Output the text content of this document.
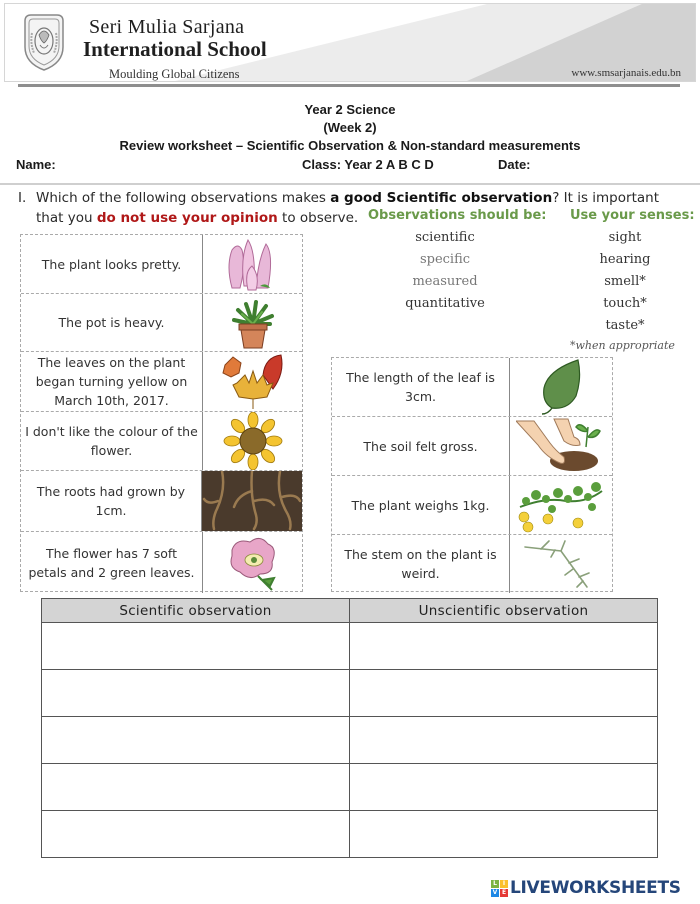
Seri Mulia Sarjana
International School
Moulding Global Citizens	www.smsarjanais.edu.bn
Year 2 Science
(Week 2)
Review worksheet – Scientific Observation & Non-standard measurements
Name:	Class: Year 2 A B C D	Date:
I. Which of the following observations makes a good Scientific observation? It is important
that you do not use your opinion to observe. Observations should be: Use your senses:
scientific
specific
measured
quantitative
sight
hearing
smell*
touch*
taste*
*when appropriate
The plant looks pretty.
The pot is heavy.
The leaves on the plant began turning yellow on March 10th, 2017.
I don't like the colour of the flower.
The roots had grown by 1cm.
The flower has 7 soft petals and 2 green leaves.
The length of the leaf is 3cm.
The soil felt gross.
The plant weighs 1kg.
The stem on the plant is weird.
Scientific observation	Unscientific observation

L I
V E LIVEWORKSHEETS
